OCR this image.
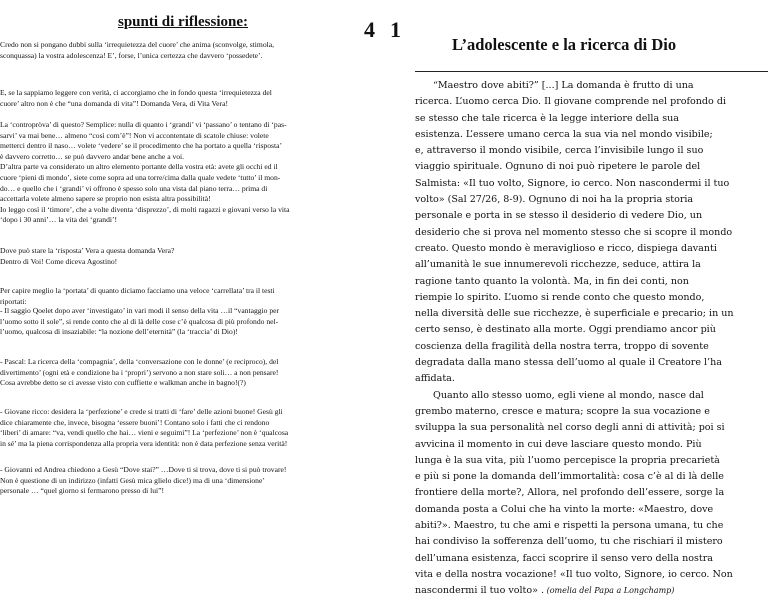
spunti di riflessione:
Credo non si pongano dubbi sulla ‘irrequietezza del cuore’ che anima (sconvolge, stimola,
sconquassa) la vostra adolescenza! E’, forse, l’unica certezza che davvero ‘possedete’.
E, se la sappiamo leggere con verità, ci accorgiamo che in fondo questa ‘irrequietezza del
cuore’ altro non è che “una domanda di vita”! Domanda Vera, di Vita Vera!
La ‘contropròva’ di questo? Semplice: nulla di quanto i ‘grandi’ vi ‘passano’ o tentano di ‘pas-
sarvi’ va mai bene… almeno “così com’è”! Non vi accontentate di scatole chiuse: volete
metterci dentro il naso… volete ‘vedere’ se il procedimento che ha portato a quella ‘risposta’
è davvero corretto… se può davvero andar bene anche a voi.
D’altra parte va considerato un altro elemento portante della vostra età: avete gli occhi ed il
cuore ‘pieni di mondo’, siete come sopra ad una torre/cima dalla quale vedete ‘tutto’ il mon-
do… e quello che i ‘grandi’ vi offrono è spesso solo una vista dal piano terra… prima di
accettarla volete almeno sapere se proprio non esista altra possibilità!
Io leggo così il ‘timore’, che a volte diventa ‘disprezzo’, di molti ragazzi e giovani verso la vita
‘dopo i 30 anni’… la vita dei ‘grandi’!
Dove può stare la ‘risposta’ Vera a questa domanda Vera?
Dentro di Voi! Come diceva Agostino!
Per capire meglio la ‘portata’ di quanto diciamo facciamo una veloce ‘carrellata’ tra il testi
riportati:
- Il saggio Qoelet dopo aver ‘investigato’ in vari modi il senso della vita …il “vantaggio per
l’uomo sotto il sole”, si rende conto che al di là delle cose c’è qualcosa di più profondo nel-
l’uomo, qualcosa di insaziabile: “la nozione dell’eternità” (la ‘traccia’ di Dio)!
- Pascal: La ricerca della ‘compagnia’, della ‘conversazione con le donne’ (e reciproco), del
divertimento’ (ogni età e condizione ha i ‘propri’) servono a non stare soli… a non pensare!
Cosa avrebbe detto se ci avesse visto con cuffiette e walkman anche in bagno!(?)
- Giovane ricco: desidera la ‘perfezione’ e crede si tratti di ‘fare’ delle azioni buone! Gesù gli
dice chiaramente che, invece, bisogna ‘essere buoni’! Contano solo i fatti che ci rendono
‘liberi’ di amare: “va, vendi quello che hai… vieni e seguimi”! La ‘perfezione’ non è ‘qualcosa
in sé’ ma la piena corrispondenza alla propria vera identità: non è data perfezione senza verità!
- Giovanni ed Andrea chiedono a Gesù “Dove stai?” …Dove ti si trova, dove ti si può trovare!
Non è questione di un indirizzo (infatti Gesù mica glielo dice!) ma di una ‘dimensione’
personale … “quel giorno si fermarono presso di lui”!
4 1
L’adolescente e la ricerca di Dio
“Maestro dove abiti?” [...] La domanda è frutto di una
ricerca. L’uomo cerca Dio. Il giovane comprende nel profondo di
se stesso che tale ricerca è la legge interiore della sua
esistenza. L’essere umano cerca la sua via nel mondo visibile;
e, attraverso il mondo visibile, cerca l’invisibile lungo il suo
viaggio spirituale. Ognuno di noi può ripetere le parole del
Salmista: «Il tuo volto, Signore, io cerco. Non nascondermi il tuo
volto» (Sal 27/26, 8-9). Ognuno di noi ha la propria storia
personale e porta in se stesso il desiderio di vedere Dio, un
desiderio che si prova nel momento stesso che si scopre il mondo
creato. Questo mondo è meraviglioso e ricco, dispiega davanti
all’umanità le sue innumerevoli ricchezze, seduce, attira la
ragione tanto quanto la volontà. Ma, in fin dei conti, non
riempie lo spirito. L’uomo si rende conto che questo mondo,
nella diversità delle sue ricchezze, è superficiale e precario; in un
certo senso, è destinato alla morte. Oggi prendiamo ancor più
coscienza della fragilità della nostra terra, troppo di sovente
degradata dalla mano stessa dell’uomo al quale il Creatore l’ha
affidata.
Quanto allo stesso uomo, egli viene al mondo, nasce dal
grembo materno, cresce e matura; scopre la sua vocazione e
sviluppa la sua personalità nel corso degli anni di attività; poi si
avvicina il momento in cui deve lasciare questo mondo. Più
lunga è la sua vita, più l’uomo percepisce la propria precarietà
e più si pone la domanda dell’immortalità: cosa c’è al di là delle
frontiere della morte?, Allora, nel profondo dell’essere, sorge la
domanda posta a Colui che ha vinto la morte: «Maestro, dove
abiti?». Maestro, tu che ami e rispetti la persona umana, tu che
hai condiviso la sofferenza dell’uomo, tu che rischiari il mistero
dell’umana esistenza, facci scoprire il senso vero della nostra
vita e della nostra vocazione! «Il tuo volto, Signore, io cerco. Non
nascondermi il tuo volto» . (omelia del Papa a Longchamp)
